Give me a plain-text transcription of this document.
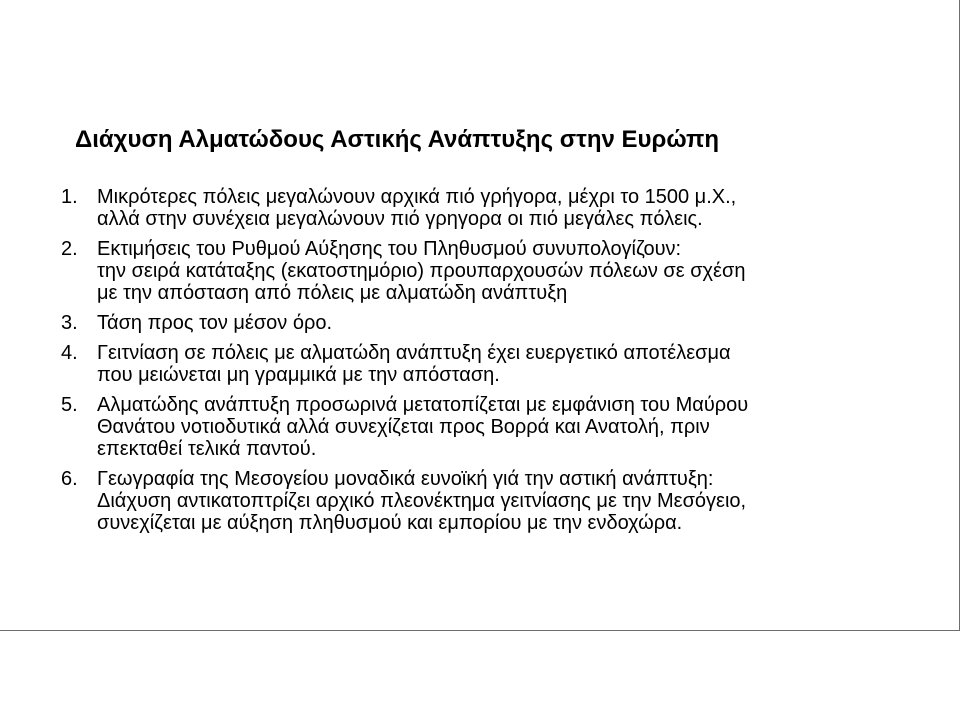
Διάχυση Αλματώδους Αστικής Ανάπτυξης στην Ευρώπη
1. Μικρότερες πόλεις μεγαλώνουν αρχικά πιό γρήγορα, μέχρι το 1500 μ.Χ.,
αλλά στην συνέχεια μεγαλώνουν πιό γρηγορα οι πιό μεγάλες πόλεις.
2. Εκτιμήσεις του Ρυθμού Αύξησης του Πληθυσμού συνυπολογίζουν:
την σειρά κατάταξης (εκατοστημόριο) προυπαρχουσών πόλεων σε σχέση
με την απόσταση από πόλεις με αλματώδη ανάπτυξη
3. Τάση προς τον μέσον όρο.
4. Γειτνίαση σε πόλεις με αλματώδη ανάπτυξη έχει ευεργετικό αποτέλεσμα
που μειώνεται μη γραμμικά με την απόσταση.
5. Αλματώδης ανάπτυξη προσωρινά μετατοπίζεται με εμφάνιση του Μαύρου
Θανάτου νοτιοδυτικά αλλά συνεχίζεται προς Βορρά και Ανατολή, πριν
επεκταθεί τελικά παντού.
6. Γεωγραφία της Μεσογείου μοναδικά ευνοϊκή γιά την αστική ανάπτυξη:
Διάχυση αντικατοπτρίζει αρχικό πλεονέκτημα γειτνίασης με την Μεσόγειο,
συνεχίζεται με αύξηση πληθυσμού και εμπορίου με την ενδοχώρα.
